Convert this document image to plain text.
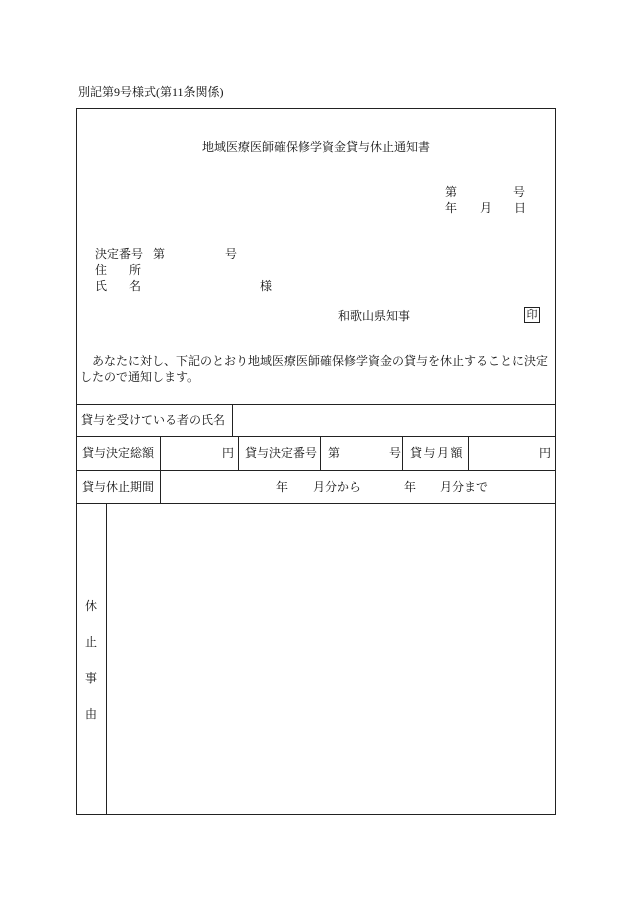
別記第9号様式(第11条関係)
地域医療医師確保修学資金貸与休止通知書
第	号
年 月 日
決定番号 第	号
住 所
氏 名	様
和歌山県知事	印
あなたに対し、下記のとおり地域医療医師確保修学資金の貸与を休止することに決定
したので通知します。
貸与を受けている者の氏名
貸与決定総額	円 貸与決定番号 第	号 貸与月額	円
貸与休止期間	年 月分から	年 月分まで
休
止
事
由
